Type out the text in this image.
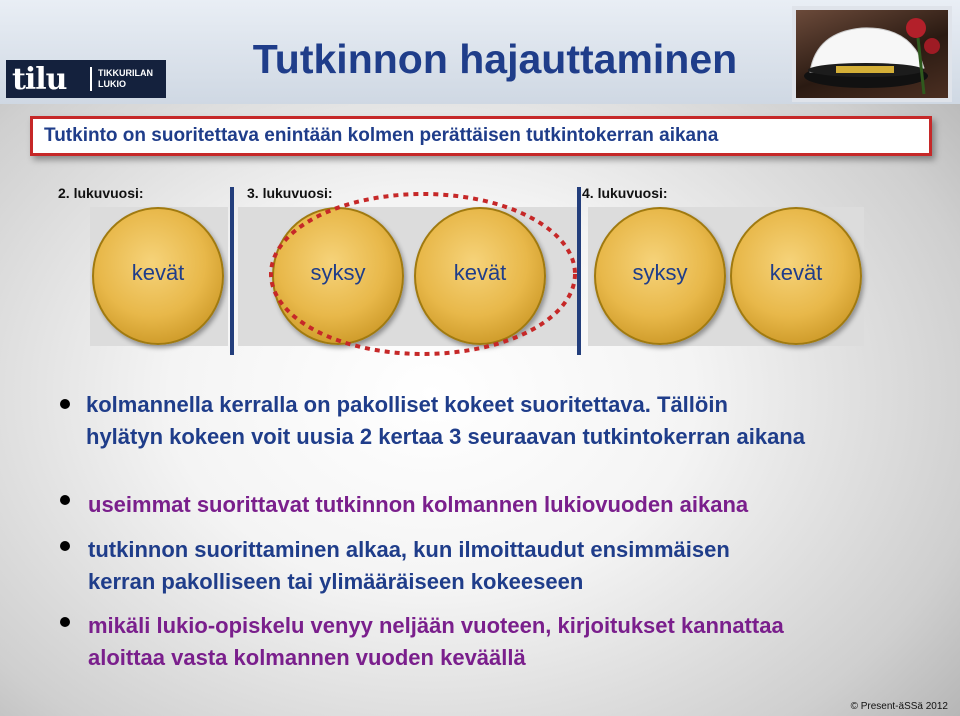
tilu	TIKKURILAN
LUKIO
Tutkinnon hajauttaminen
Tutkinto on suoritettava enintään kolmen perättäisen tutkintokerran aikana
2. lukuvuosi:	3. lukuvuosi:	4. lukuvuosi:
kevät	syksy	kevät	syksy	kevät
kolmannella kerralla on pakolliset kokeet suoritettava. Tällöin
hylätyn kokeen voit uusia 2 kertaa 3 seuraavan tutkintokerran aikana
useimmat suorittavat tutkinnon kolmannen lukiovuoden aikana
tutkinnon suorittaminen alkaa, kun ilmoittaudut ensimmäisen
kerran pakolliseen tai ylimääräiseen kokeeseen
mikäli lukio-opiskelu venyy neljään vuoteen, kirjoitukset kannattaa
aloittaa vasta kolmannen vuoden keväällä
© Present-äSSä 2012
